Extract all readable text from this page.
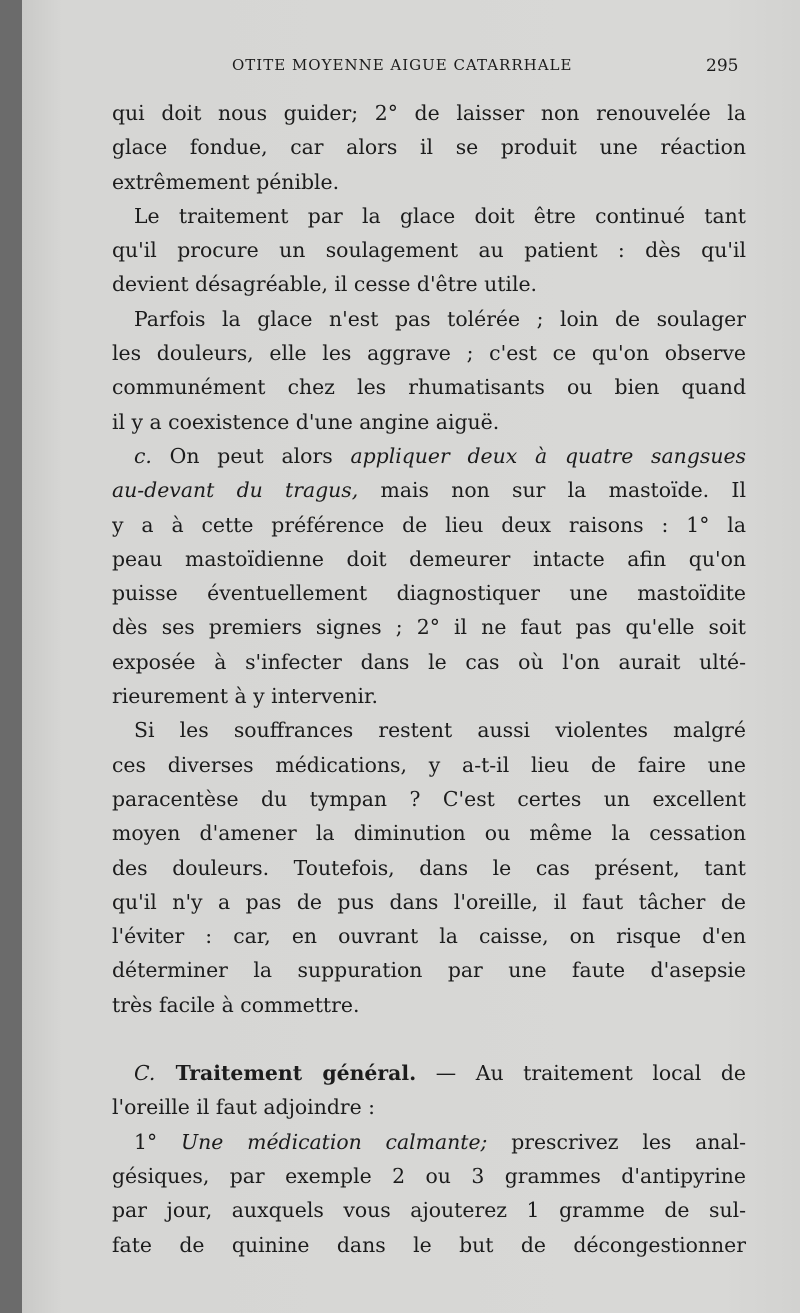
OTITE MOYENNE AIGUE CATARRHALE	295
qui doit nous guider; 2° de laisser non renouvelée la
glace fondue, car alors il se produit une réaction
extrêmement pénible.
Le traitement par la glace doit être continué tant
qu'il procure un soulagement au patient : dès qu'il
devient désagréable, il cesse d'être utile.
Parfois la glace n'est pas tolérée ; loin de soulager
les douleurs, elle les aggrave ; c'est ce qu'on observe
communément chez les rhumatisants ou bien quand
il y a coexistence d'une angine aiguë.
c. On peut alors appliquer deux à quatre sangsues
au-devant du tragus, mais non sur la mastoïde. Il
y a à cette préférence de lieu deux raisons : 1° la
peau mastoïdienne doit demeurer intacte afin qu'on
puisse éventuellement diagnostiquer une mastoïdite
dès ses premiers signes ; 2° il ne faut pas qu'elle soit
exposée à s'infecter dans le cas où l'on aurait ulté-
rieurement à y intervenir.
Si les souffrances restent aussi violentes malgré
ces diverses médications, y a-t-il lieu de faire une
paracentèse du tympan ? C'est certes un excellent
moyen d'amener la diminution ou même la cessation
des douleurs. Toutefois, dans le cas présent, tant
qu'il n'y a pas de pus dans l'oreille, il faut tâcher de
l'éviter : car, en ouvrant la caisse, on risque d'en
déterminer la suppuration par une faute d'asepsie
très facile à commettre.
C. Traitement général. — Au traitement local de
l'oreille il faut adjoindre :
1° Une médication calmante; prescrivez les anal-
gésiques, par exemple 2 ou 3 grammes d'antipyrine
par jour, auxquels vous ajouterez 1 gramme de sul-
fate de quinine dans le but de décongestionner
